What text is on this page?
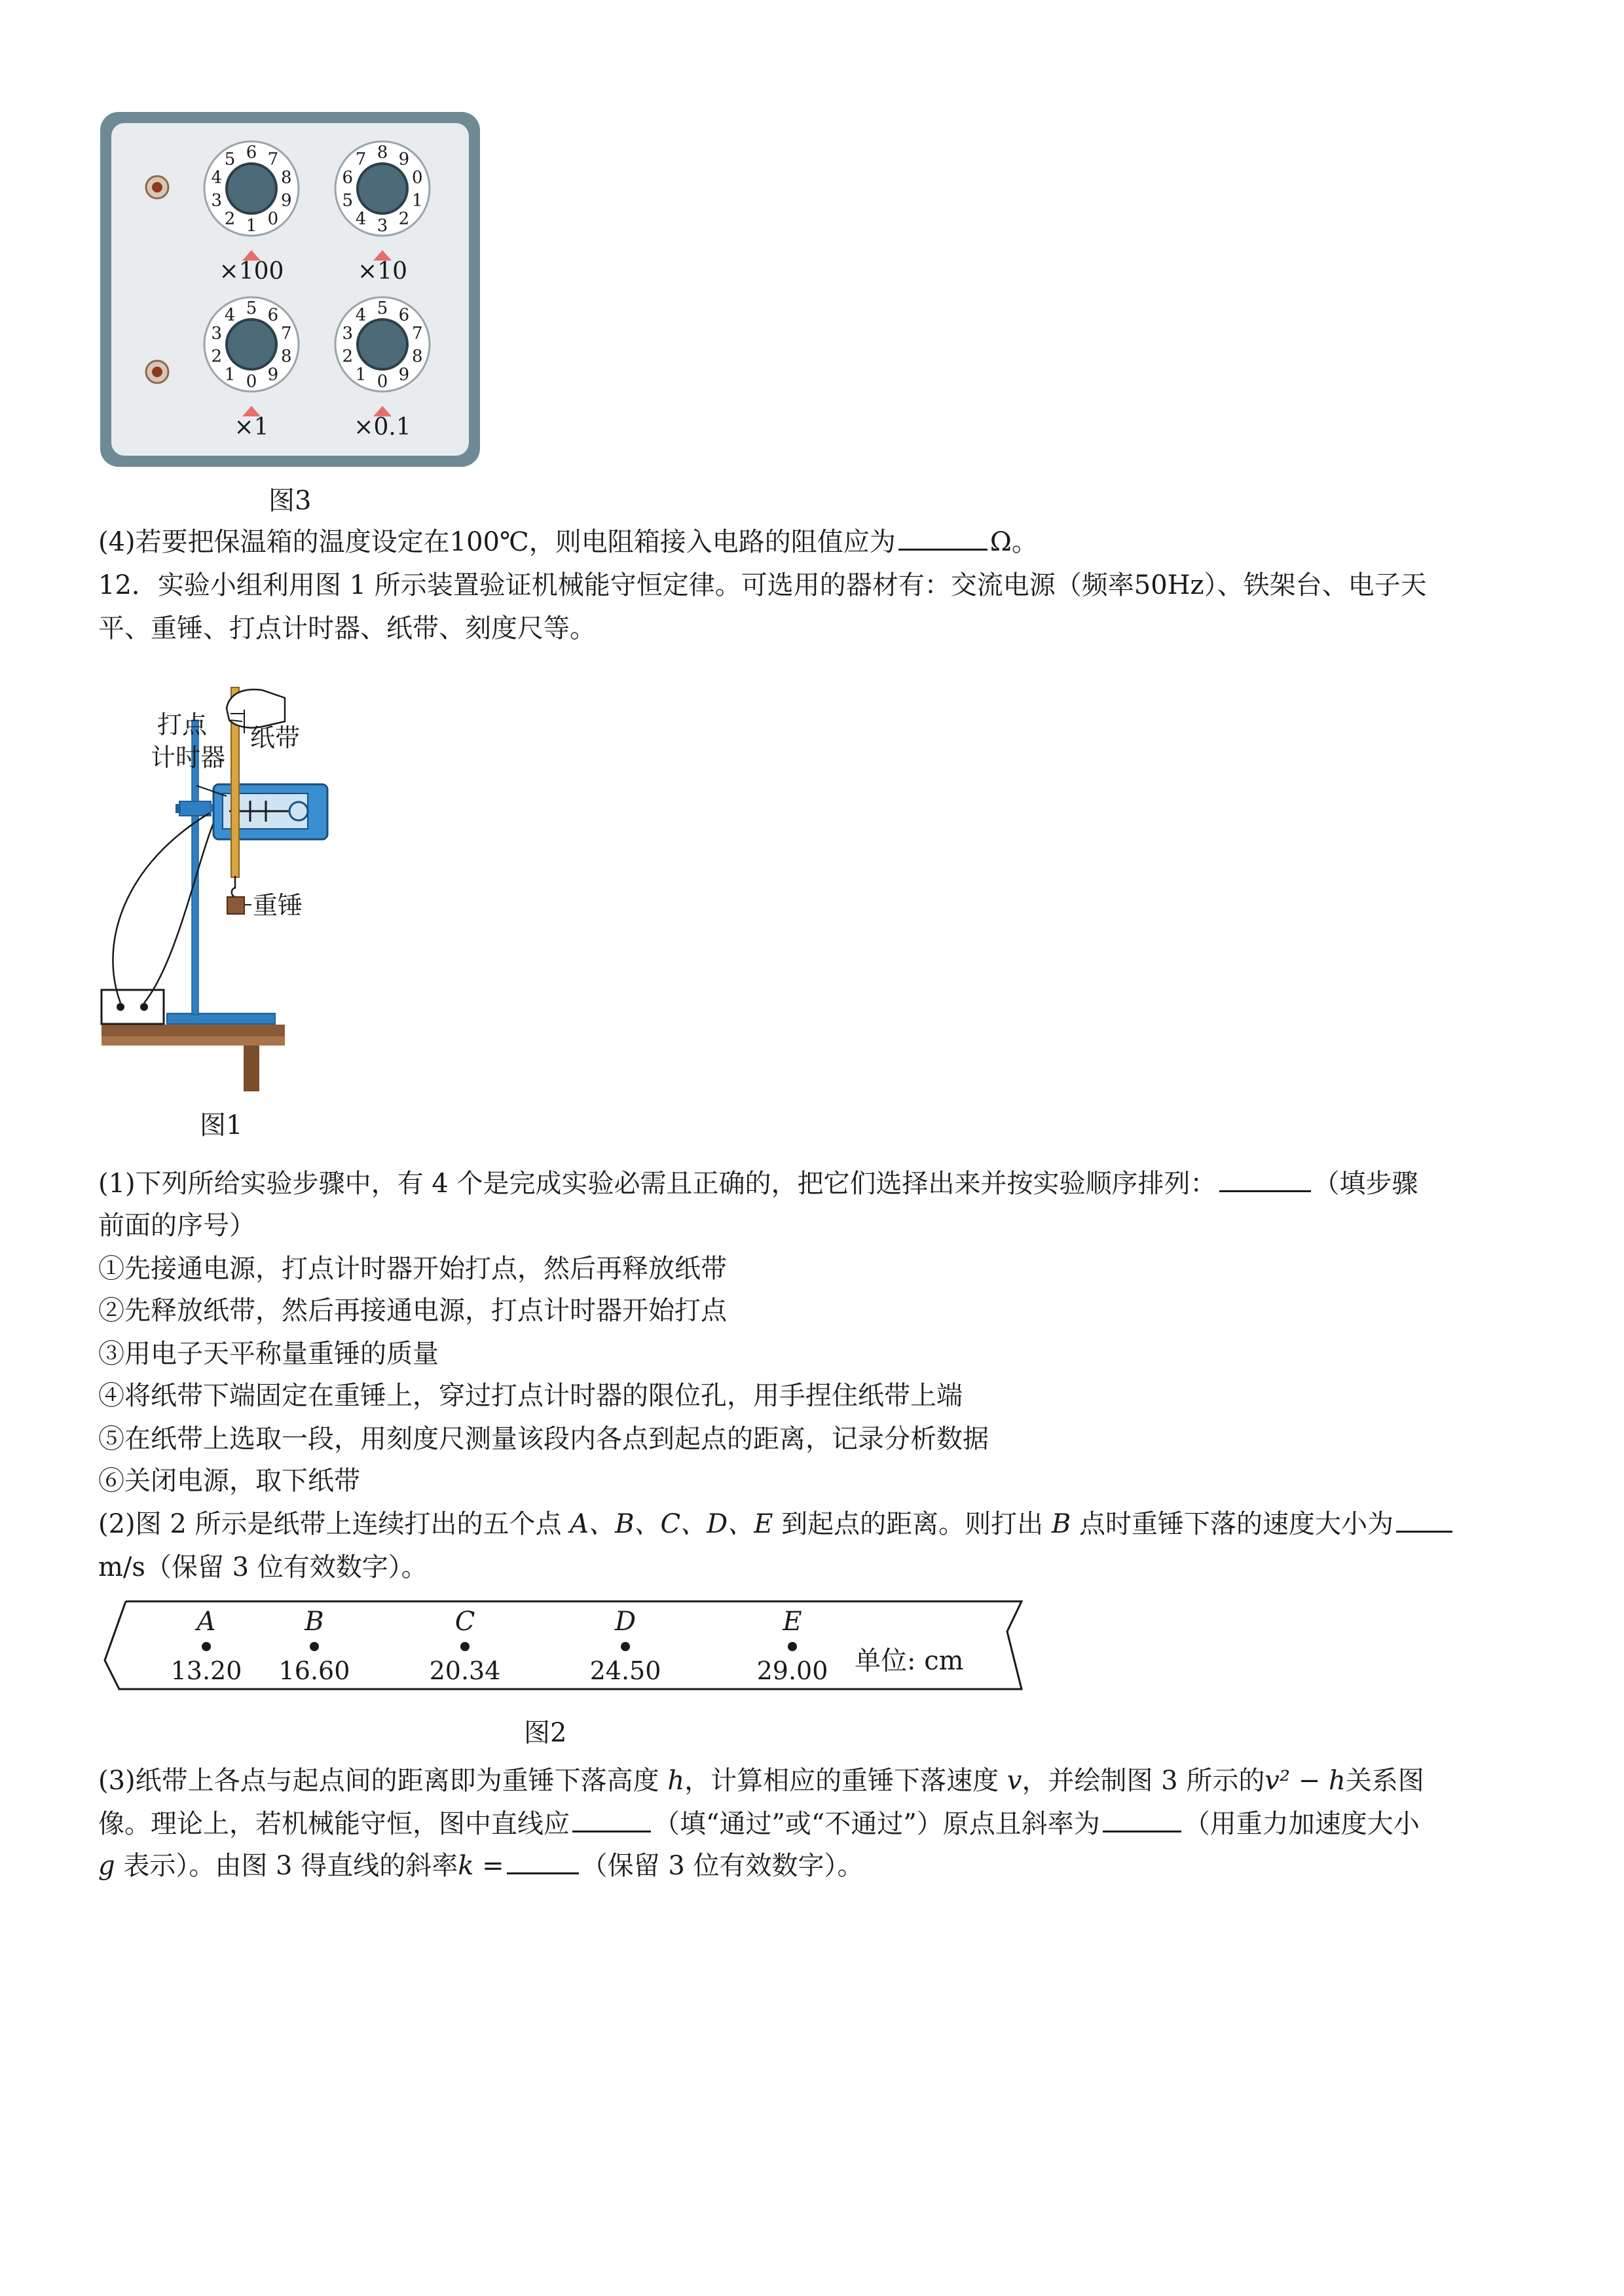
0
1
2
3
4
5 6 7
8
9
×100
0
1
2
3
4
5
6
7 8 9
×10
0
1
2
3
4 5 6
7
8
9
×1
0
1
2
3
4 5 6
7
8
9
×0.1
图3

(4)若要把保温箱的温度设定在100℃，则电阻箱接入电路的阻值应为	Ω。

12．实验小组利用图 1 所示装置验证机械能守恒定律。可选用的器材有：交流电源（频率50Hz）、铁架台、电子天

平、重锤、打点计时器、纸带、刻度尺等。

打点
计时器
纸带
重锤
图1

(1)下列所给实验步骤中，有 4 个是完成实验必需且正确的，把它们选择出来并按实验顺序排列：	（填步骤

前面的序号）

①先接通电源，打点计时器开始打点，然后再释放纸带

②先释放纸带，然后再接通电源，打点计时器开始打点

③用电子天平称量重锤的质量

④将纸带下端固定在重锤上，穿过打点计时器的限位孔，用手捏住纸带上端

⑤在纸带上选取一段，用刻度尺测量该段内各点到起点的距离，记录分析数据

⑥关闭电源，取下纸带

(2)图 2 所示是纸带上连续打出的五个点 A、B、C、D、E 到起点的距离。则打出 B 点时重锤下落的速度大小为

m/s（保留 3 位有效数字）。

A
13.20
B
16.60
C
20.34
D
24.50
E
29.00 单位: cm
图2

(3)纸带上各点与起点间的距离即为重锤下落高度 h，计算相应的重锤下落速度 v，并绘制图 3 所示的v² − h关系图

像。理论上，若机械能守恒，图中直线应	（填“通过”或“不通过”）原点且斜率为	（用重力加速度大小

g 表示）。由图 3 得直线的斜率k =	（保留 3 位有效数字）。
